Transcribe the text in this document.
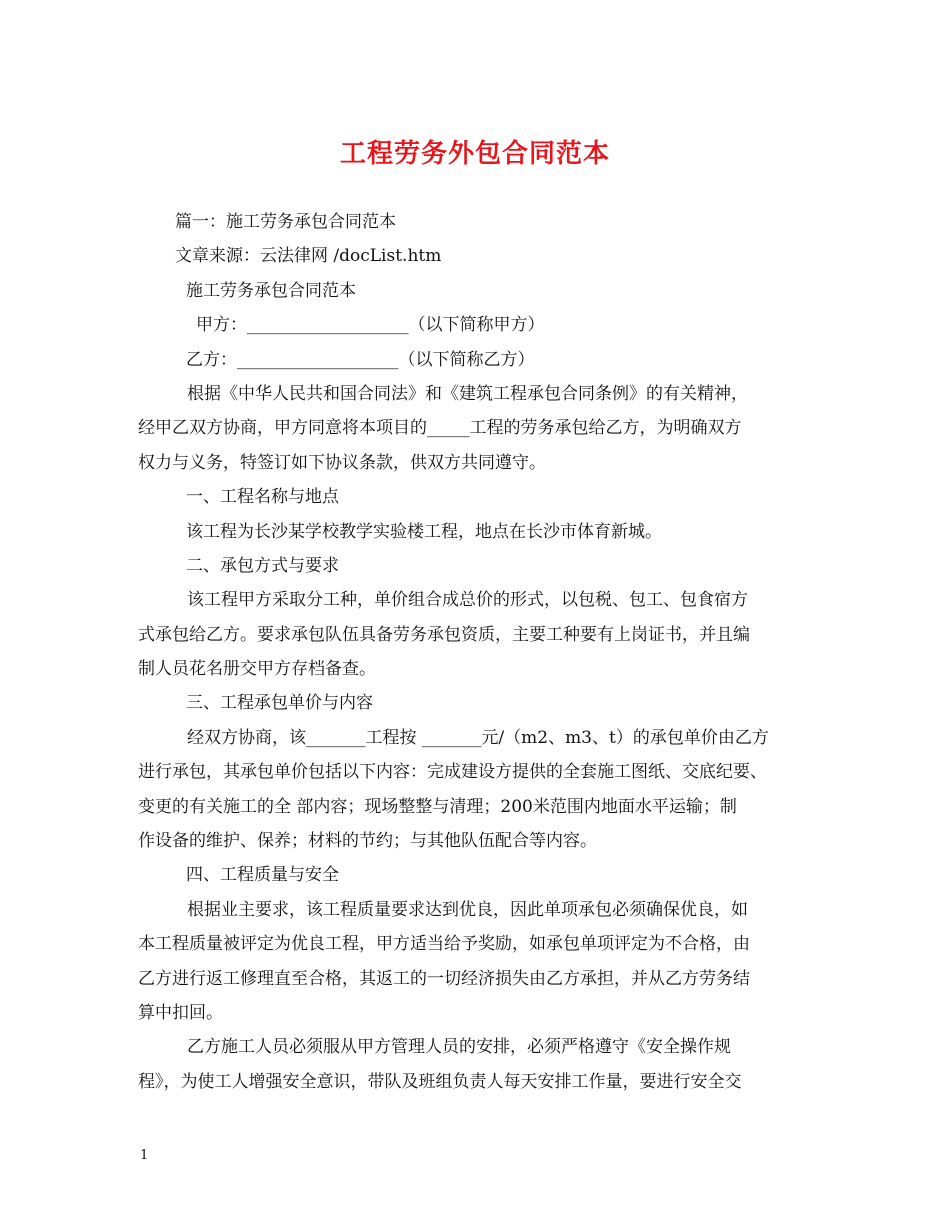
工程劳务外包合同范本
篇一：施工劳务承包合同范本
文章来源：云法律网 /docList.htm
施工劳务承包合同范本
甲方：___________________（以下简称甲方）
乙方：___________________（以下简称乙方）
根据《中华人民共和国合同法》和《建筑工程承包合同条例》的有关精神，
经甲乙双方协商，甲方同意将本项目的_____工程的劳务承包给乙方，为明确双方
权力与义务，特签订如下协议条款，供双方共同遵守。
一、工程名称与地点
该工程为长沙某学校教学实验楼工程，地点在长沙市体育新城。
二、承包方式与要求
该工程甲方采取分工种，单价组合成总价的形式，以包税、包工、包食宿方
式承包给乙方。要求承包队伍具备劳务承包资质，主要工种要有上岗证书，并且编
制人员花名册交甲方存档备查。
三、工程承包单价与内容
经双方协商，该_______工程按 _______元/（m2、m3、t）的承包单价由乙方
进行承包，其承包单价包括以下内容：完成建设方提供的全套施工图纸、交底纪要、
变更的有关施工的全 部内容；现场整整与清理；200米范围内地面水平运输；制
作设备的维护、保养；材料的节约；与其他队伍配合等内容。
四、工程质量与安全
根据业主要求，该工程质量要求达到优良，因此单项承包必须确保优良，如
本工程质量被评定为优良工程，甲方适当给予奖励，如承包单项评定为不合格，由
乙方进行返工修理直至合格，其返工的一切经济损失由乙方承担，并从乙方劳务结
算中扣回。
乙方施工人员必须服从甲方管理人员的安排，必须严格遵守《安全操作规
程》，为使工人增强安全意识，带队及班组负责人每天安排工作量，要进行安全交
1
